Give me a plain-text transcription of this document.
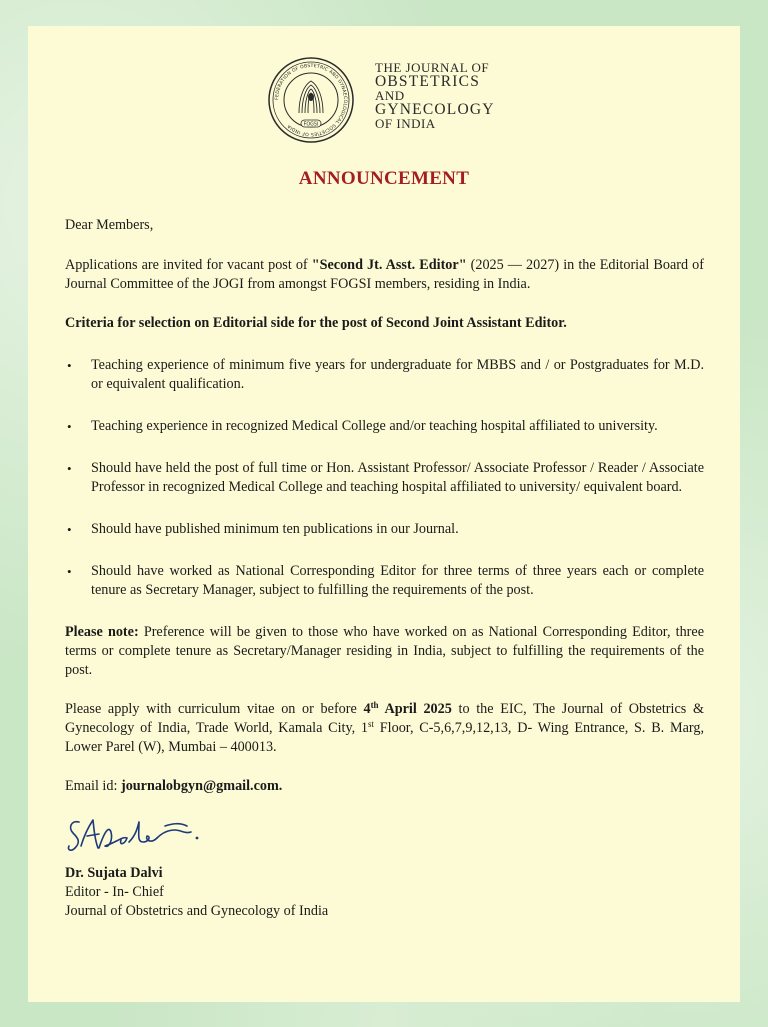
FEDERATION OF OBSTETRIC AND GYNAECOLOGICAL SOCIETIES OF INDIA	FOGSI
THE JOURNAL OF
OBSTETRICS
AND
GYNECOLOGY
OF INDIA
ANNOUNCEMENT

Dear Members,

Applications are invited for vacant post of "Second Jt. Asst. Editor" (2025 — 2027) in the Editorial Board of Journal Committee of the JOGI from amongst FOGSI members, residing in India.

Criteria for selection on Editorial side for the post of Second Joint Assistant Editor.

• Teaching experience of minimum five years for undergraduate for MBBS and / or Postgraduates for M.D. or equivalent qualification.
• Teaching experience in recognized Medical College and/or teaching hospital affiliated to university.
• Should have held the post of full time or Hon. Assistant Professor/ Associate Professor / Reader / Associate Professor in recognized Medical College and teaching hospital affiliated to university/ equivalent board.
• Should have published minimum ten publications in our Journal.
• Should have worked as National Corresponding Editor for three terms of three years each or complete tenure as Secretary Manager, subject to fulfilling the requirements of the post.

Please note: Preference will be given to those who have worked on as National Corresponding Editor, three terms or complete tenure as Secretary/Manager residing in India, subject to fulfilling the requirements of the post.

Please apply with curriculum vitae on or before 4th April 2025 to the EIC, The Journal of Obstetrics & Gynecology of India, Trade World, Kamala City, 1st Floor, C-5,6,7,9,12,13, D- Wing Entrance, S. B. Marg, Lower Parel (W), Mumbai – 400013.

Email id: journalobgyn@gmail.com.

Dr. Sujata Dalvi
Editor - In- Chief
Journal of Obstetrics and Gynecology of India
